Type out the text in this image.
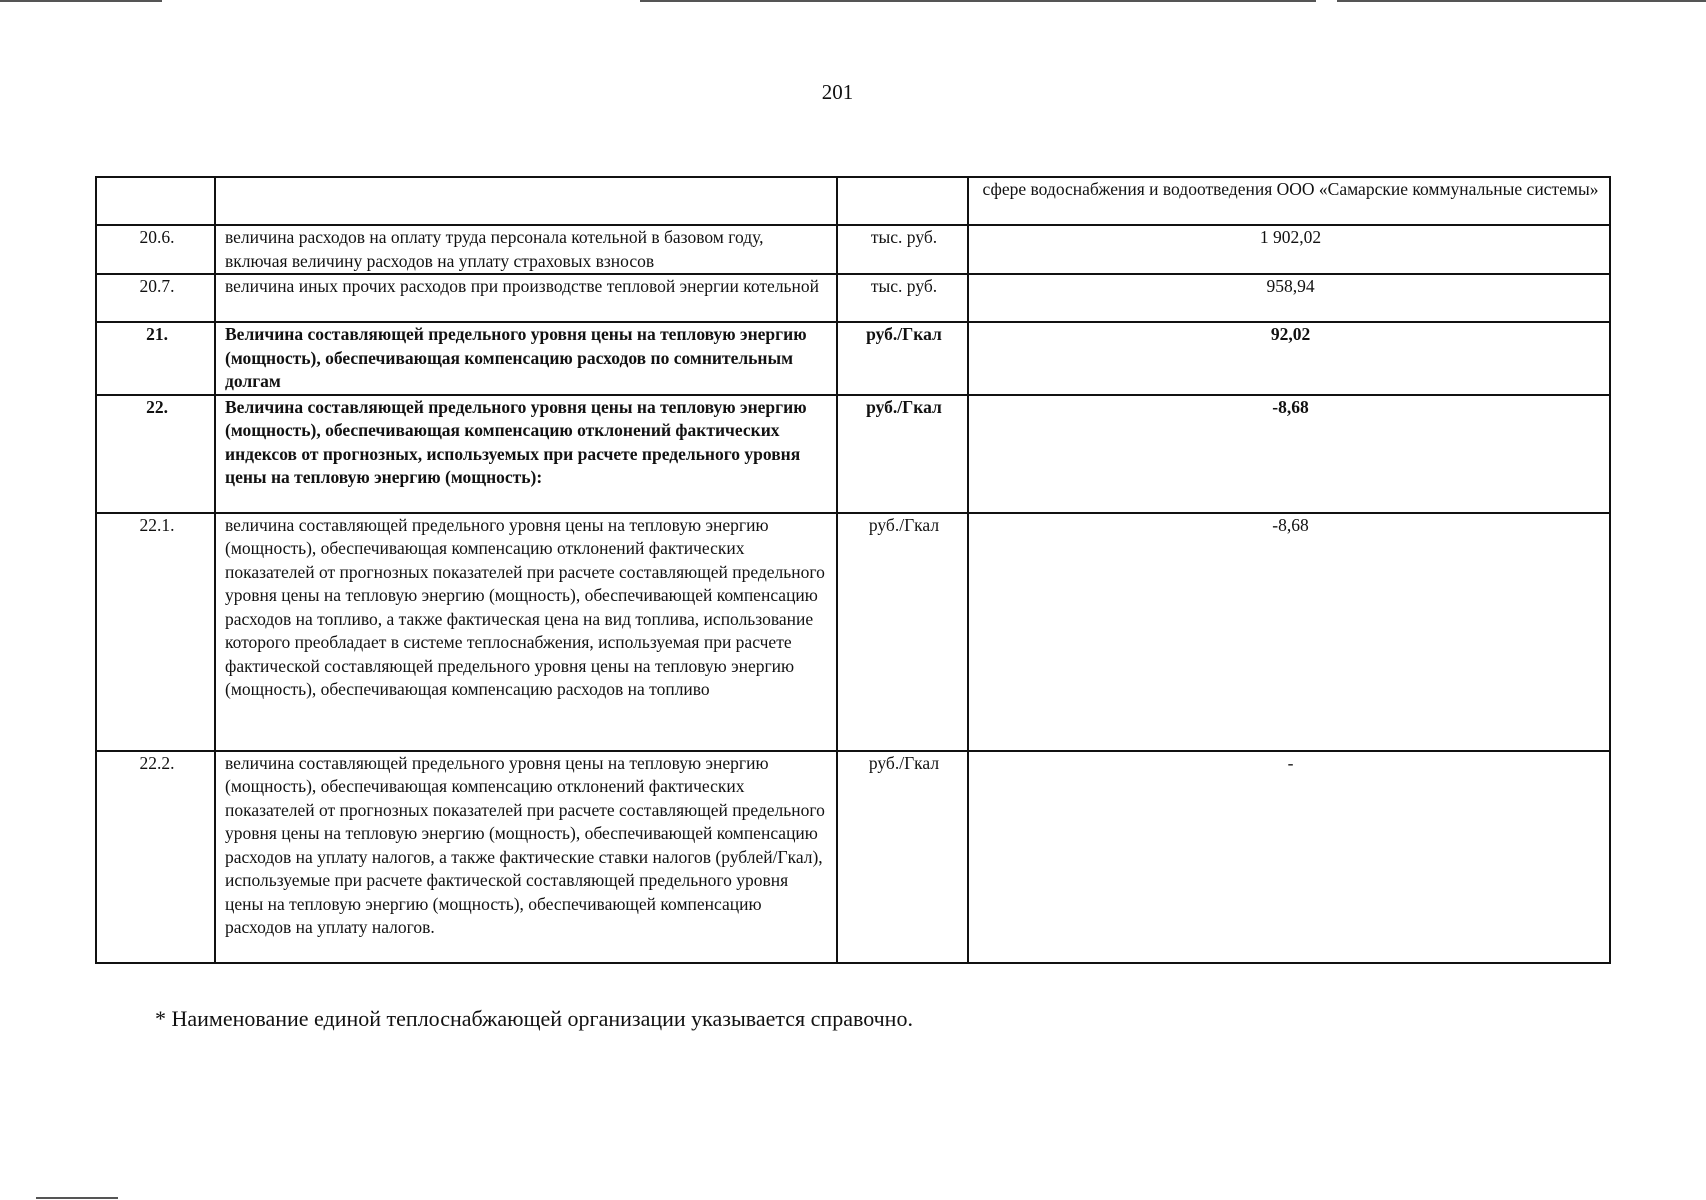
201
			сфере водоснабжения и водоотведения ООО «Самарские коммунальные системы»
20.6.	величина расходов на оплату труда персонала котельной в базовом году, включая величину расходов на уплату страховых взносов	тыс. руб.	1 902,02
20.7.	величина иных прочих расходов при производстве тепловой энергии котельной	тыс. руб.	958,94
21.	Величина составляющей предельного уровня цены на тепловую энергию (мощность), обеспечивающая компенсацию расходов по сомнительным долгам	руб./Гкал	92,02
22.	Величина составляющей предельного уровня цены на тепловую энергию (мощность), обеспечивающая компенсацию отклонений фактических индексов от прогнозных, используемых при расчете предельного уровня цены на тепловую энергию (мощность):	руб./Гкал	-8,68
22.1.	величина составляющей предельного уровня цены на тепловую энергию (мощность), обеспечивающая компенсацию отклонений фактических показателей от прогнозных показателей при расчете составляющей предельного уровня цены на тепловую энергию (мощность), обеспечивающей компенсацию расходов на топливо, а также фактическая цена на вид топлива, использование которого преобладает в системе теплоснабжения, используемая при расчете фактической составляющей предельного уровня цены на тепловую энергию (мощность), обеспечивающая компенсацию расходов на топливо	руб./Гкал	-8,68
22.2.	величина составляющей предельного уровня цены на тепловую энергию (мощность), обеспечивающая компенсацию отклонений фактических показателей от прогнозных показателей при расчете составляющей предельного уровня цены на тепловую энергию (мощность), обеспечивающей компенсацию расходов на уплату налогов, а также фактические ставки налогов (рублей/Гкал), используемые при расчете фактической составляющей предельного уровня цены на тепловую энергию (мощность), обеспечивающей компенсацию расходов на уплату налогов.	руб./Гкал	-
* Наименование единой теплоснабжающей организации указывается справочно.
